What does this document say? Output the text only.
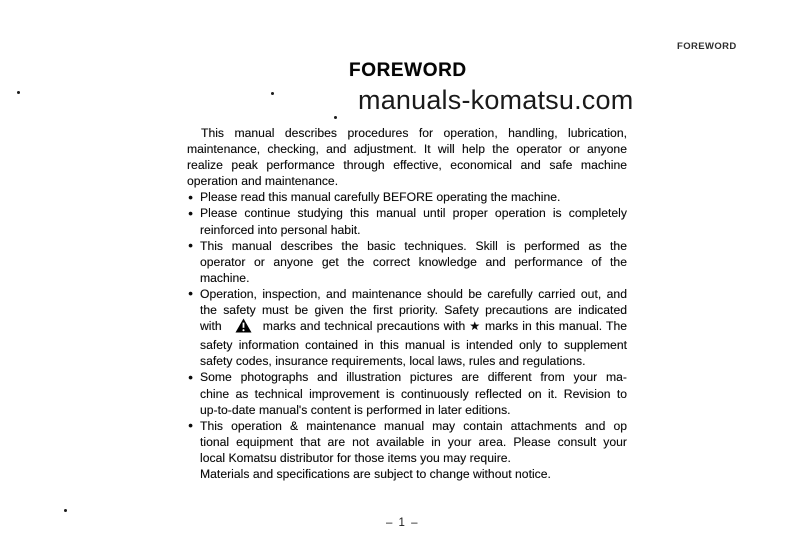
FOREWORD
FOREWORD
manuals-komatsu.com
This manual describes procedures for operation, handling, lubrication,
maintenance, checking, and adjustment. It will help the operator or anyone
realize peak performance through effective, economical and safe machine
operation and maintenance.
● Please read this manual carefully BEFORE operating the machine.
● Please continue studying this manual until proper operation is completely
reinforced into personal habit.
● This manual describes the basic techniques. Skill is performed as the
operator or anyone get the correct knowledge and performance of the
machine.
● Operation, inspection, and maintenance should be carefully carried out, and
the safety must be given the first priority. Safety precautions are indicated
with	marks and technical precautions with ★ marks in this manual. The
safety information contained in this manual is intended only to supplement
safety codes, insurance requirements, local laws, rules and regulations.
● Some photographs and illustration pictures are different from your ma-
chine as technical improvement is continuously reflected on it. Revision to
up-to-date manual's content is performed in later editions.
● This operation & maintenance manual may contain attachments and op
tional equipment that are not available in your area. Please consult your
local Komatsu distributor for those items you may require.
Materials and specifications are subject to change without notice.
– 1 –
